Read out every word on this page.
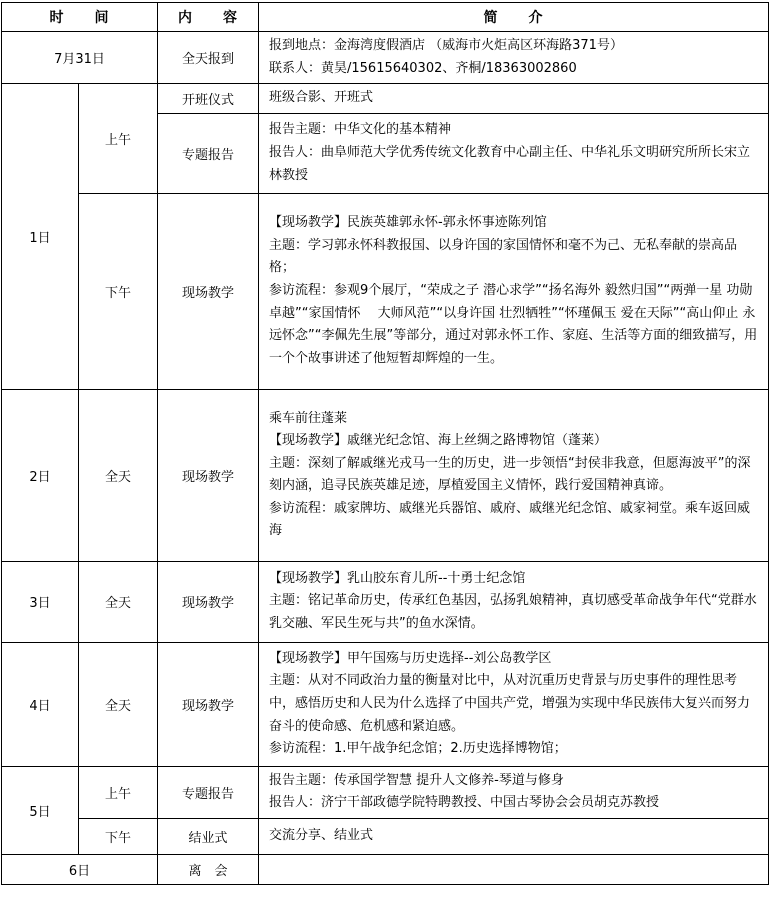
时　　间		内　　容	简　　介
7月31日		全天报到	报到地点：金海湾度假酒店 （威海市火炬高区环海路371号）
联系人：黄昊/15615640302、齐桐/18363002860

1日	上午	开班仪式	班级合影、开班式

		专题报告	报告主题：中华文化的基本精神
报告人：曲阜师范大学优秀传统文化教育中心副主任、中华礼乐文明研究所所长宋立林教授

	下午	现场教学	【现场教学】民族英雄郭永怀-郭永怀事迹陈列馆
主题：学习郭永怀科教报国、以身许国的家国情怀和毫不为己、无私奉献的崇高品格；
参访流程：参观9个展厅，“荣成之子 潜心求学”“扬名海外 毅然归国”“两弹一星 功勋卓越”“家国情怀　 大师风范”“以身许国 壮烈牺牲”“怀瑾佩玉 爱在天际”“高山仰止 永远怀念”“李佩先生展”等部分，通过对郭永怀工作、家庭、生活等方面的细致描写，用一个个故事讲述了他短暂却辉煌的一生。

2日	全天	现场教学	乘车前往蓬莱
【现场教学】戚继光纪念馆、海上丝绸之路博物馆（蓬莱）
主题：深刻了解戚继光戎马一生的历史，进一步领悟“封侯非我意，但愿海波平”的深刻内涵，追寻民族英雄足迹，厚植爱国主义情怀，践行爱国精神真谛。
参访流程：戚家牌坊、戚继光兵器馆、戚府、戚继光纪念馆、戚家祠堂。乘车返回威海

3日	全天	现场教学	【现场教学】乳山胶东育儿所--十勇士纪念馆
主题：铭记革命历史，传承红色基因，弘扬乳娘精神，真切感受革命战争年代“党群水乳交融、军民生死与共”的鱼水深情。

4日	全天	现场教学	【现场教学】甲午国殇与历史选择--刘公岛教学区
主题：从对不同政治力量的衡量对比中，从对沉重历史背景与历史事件的理性思考中，感悟历史和人民为什么选择了中国共产党，增强为实现中华民族伟大复兴而努力奋斗的使命感、危机感和紧迫感。
参访流程：1.甲午战争纪念馆；2.历史选择博物馆；

5日	上午	专题报告	报告主题：传承国学智慧 提升人文修养-琴道与修身
报告人：济宁干部政德学院特聘教授、中国古琴协会会员胡克苏教授

	下午	结业式	交流分享、结业式

6日		离　会	
